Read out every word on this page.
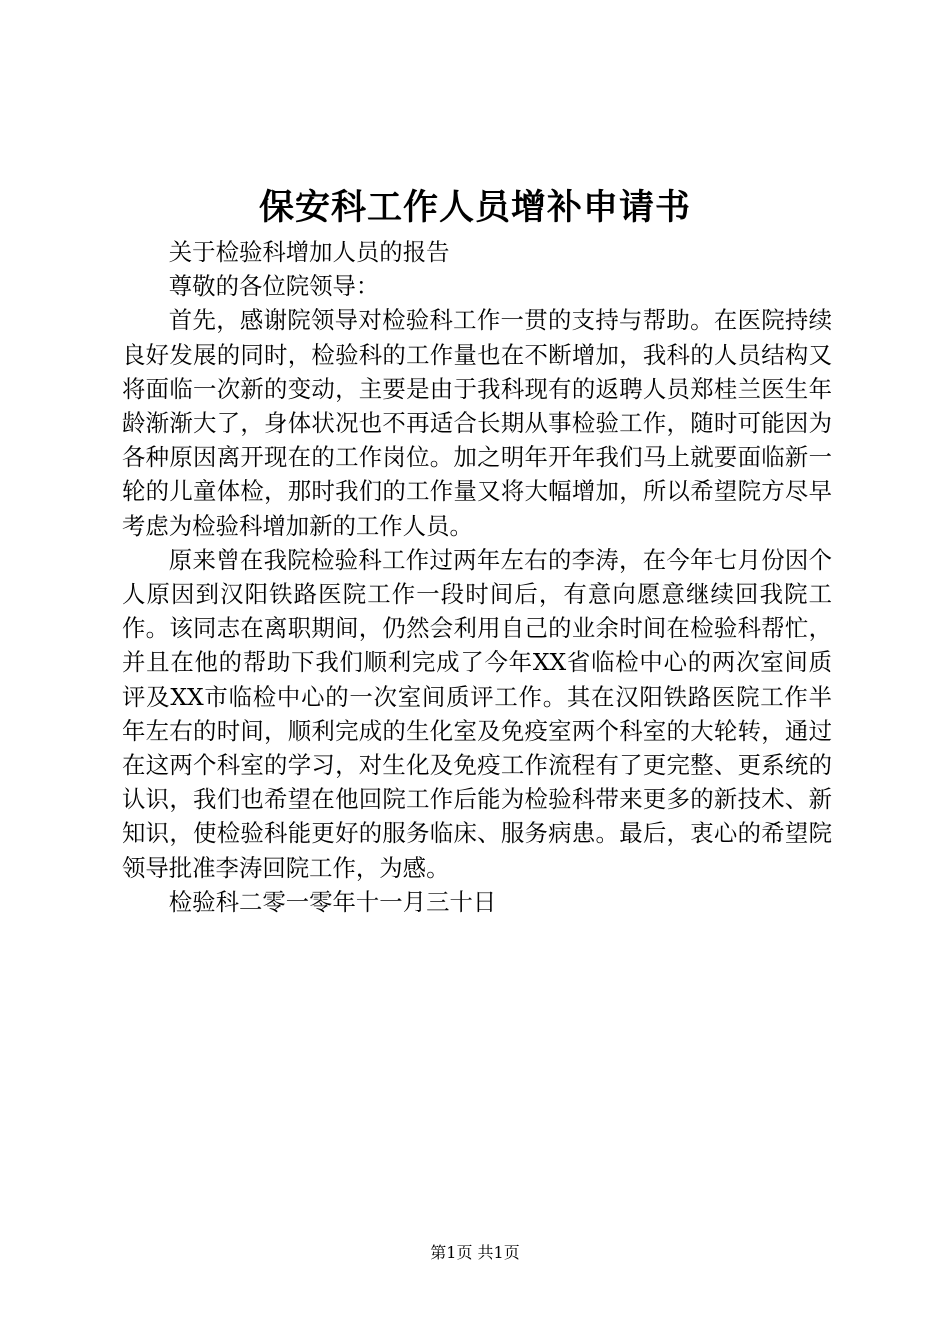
保安科工作人员增补申请书

关于检验科增加人员的报告

尊敬的各位院领导：

首先，感谢院领导对检验科工作一贯的支持与帮助。在医院持续良好发展的同时，检验科的工作量也在不断增加，我科的人员结构又将面临一次新的变动，主要是由于我科现有的返聘人员郑桂兰医生年龄渐渐大了，身体状况也不再适合长期从事检验工作，随时可能因为各种原因离开现在的工作岗位。加之明年开年我们马上就要面临新一轮的儿童体检，那时我们的工作量又将大幅增加，所以希望院方尽早考虑为检验科增加新的工作人员。

原来曾在我院检验科工作过两年左右的李涛，在今年七月份因个人原因到汉阳铁路医院工作一段时间后，有意向愿意继续回我院工作。该同志在离职期间，仍然会利用自己的业余时间在检验科帮忙，并且在他的帮助下我们顺利完成了今年XX省临检中心的两次室间质评及XX市临检中心的一次室间质评工作。其在汉阳铁路医院工作半年左右的时间，顺利完成的生化室及免疫室两个科室的大轮转，通过在这两个科室的学习，对生化及免疫工作流程有了更完整、更系统的认识，我们也希望在他回院工作后能为检验科带来更多的新技术、新知识，使检验科能更好的服务临床、服务病患。最后，衷心的希望院领导批准李涛回院工作，为感。

检验科二零一零年十一月三十日

第1页 共1页
